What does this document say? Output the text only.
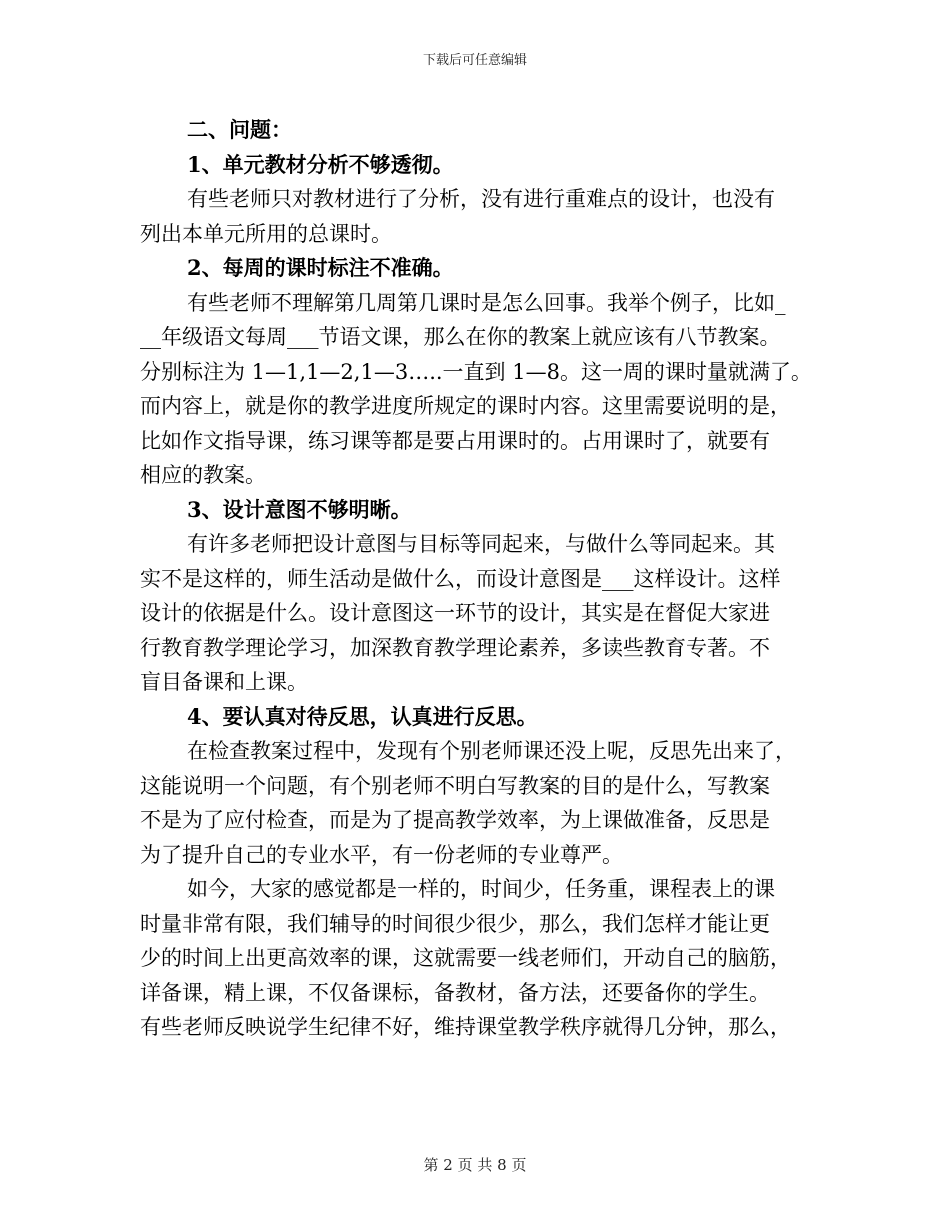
下载后可任意编辑

二、问题：

1、单元教材分析不够透彻。

有些老师只对教材进行了分析，没有进行重难点的设计，也没有

列出本单元所用的总课时。

2、每周的课时标注不准确。

有些老师不理解第几周第几课时是怎么回事。我举个例子，比如_

__年级语文每周___节语文课，那么在你的教案上就应该有八节教案。

分别标注为 1—1,1—2,1—3…..一直到 1—8。这一周的课时量就满了。

而内容上，就是你的教学进度所规定的课时内容。这里需要说明的是，

比如作文指导课，练习课等都是要占用课时的。占用课时了，就要有

相应的教案。

3、设计意图不够明晰。

有许多老师把设计意图与目标等同起来，与做什么等同起来。其

实不是这样的，师生活动是做什么，而设计意图是___这样设计。这样

设计的依据是什么。设计意图这一环节的设计，其实是在督促大家进

行教育教学理论学习，加深教育教学理论素养，多读些教育专著。不

盲目备课和上课。

4、要认真对待反思，认真进行反思。

在检查教案过程中，发现有个别老师课还没上呢，反思先出来了，

这能说明一个问题，有个别老师不明白写教案的目的是什么，写教案

不是为了应付检查，而是为了提高教学效率，为上课做准备，反思是

为了提升自己的专业水平，有一份老师的专业尊严。

如今，大家的感觉都是一样的，时间少，任务重，课程表上的课

时量非常有限，我们辅导的时间很少很少，那么，我们怎样才能让更

少的时间上出更高效率的课，这就需要一线老师们，开动自己的脑筋，

详备课，精上课，不仅备课标，备教材，备方法，还要备你的学生。

有些老师反映说学生纪律不好，维持课堂教学秩序就得几分钟，那么，

第 2 页 共 8 页
